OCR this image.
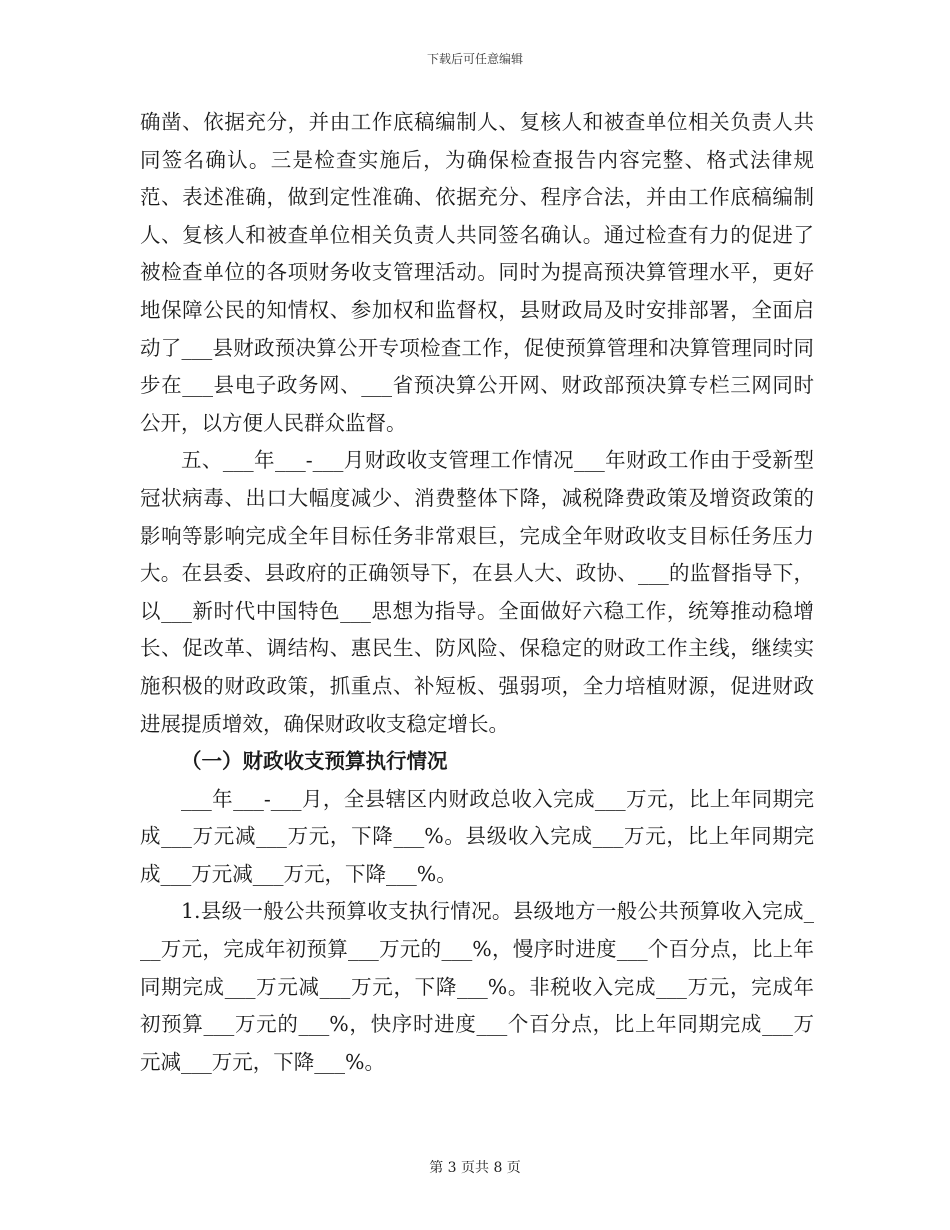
下载后可任意编辑

确凿、依据充分，并由工作底稿编制人、复核人和被查单位相关负责人共同签名确认。三是检查实施后，为确保检查报告内容完整、格式法律规范、表述准确，做到定性准确、依据充分、程序合法，并由工作底稿编制人、复核人和被查单位相关负责人共同签名确认。通过检查有力的促进了被检查单位的各项财务收支管理活动。同时为提高预决算管理水平，更好地保障公民的知情权、参加权和监督权，县财政局及时安排部署，全面启动了___县财政预决算公开专项检查工作，促使预算管理和决算管理同时同步在___县电子政务网、___省预决算公开网、财政部预决算专栏三网同时公开，以方便人民群众监督。

五、___年___-___月财政收支管理工作情况___年财政工作由于受新型冠状病毒、出口大幅度减少、消费整体下降，减税降费政策及增资政策的影响等影响完成全年目标任务非常艰巨，完成全年财政收支目标任务压力大。在县委、县政府的正确领导下，在县人大、政协、___的监督指导下，以___新时代中国特色___思想为指导。全面做好六稳工作，统筹推动稳增长、促改革、调结构、惠民生、防风险、保稳定的财政工作主线，继续实施积极的财政政策，抓重点、补短板、强弱项，全力培植财源，促进财政进展提质增效，确保财政收支稳定增长。

（一）财政收支预算执行情况

___年___-___月，全县辖区内财政总收入完成___万元，比上年同期完成___万元减___万元，下降___%。县级收入完成___万元，比上年同期完成___万元减___万元，下降___%。

1.县级一般公共预算收支执行情况。县级地方一般公共预算收入完成___万元，完成年初预算___万元的___%，慢序时进度___个百分点，比上年同期完成___万元减___万元，下降___%。非税收入完成___万元，完成年初预算___万元的___%，快序时进度___个百分点，比上年同期完成___万元减___万元，下降___%。

第 3 页共 8 页
